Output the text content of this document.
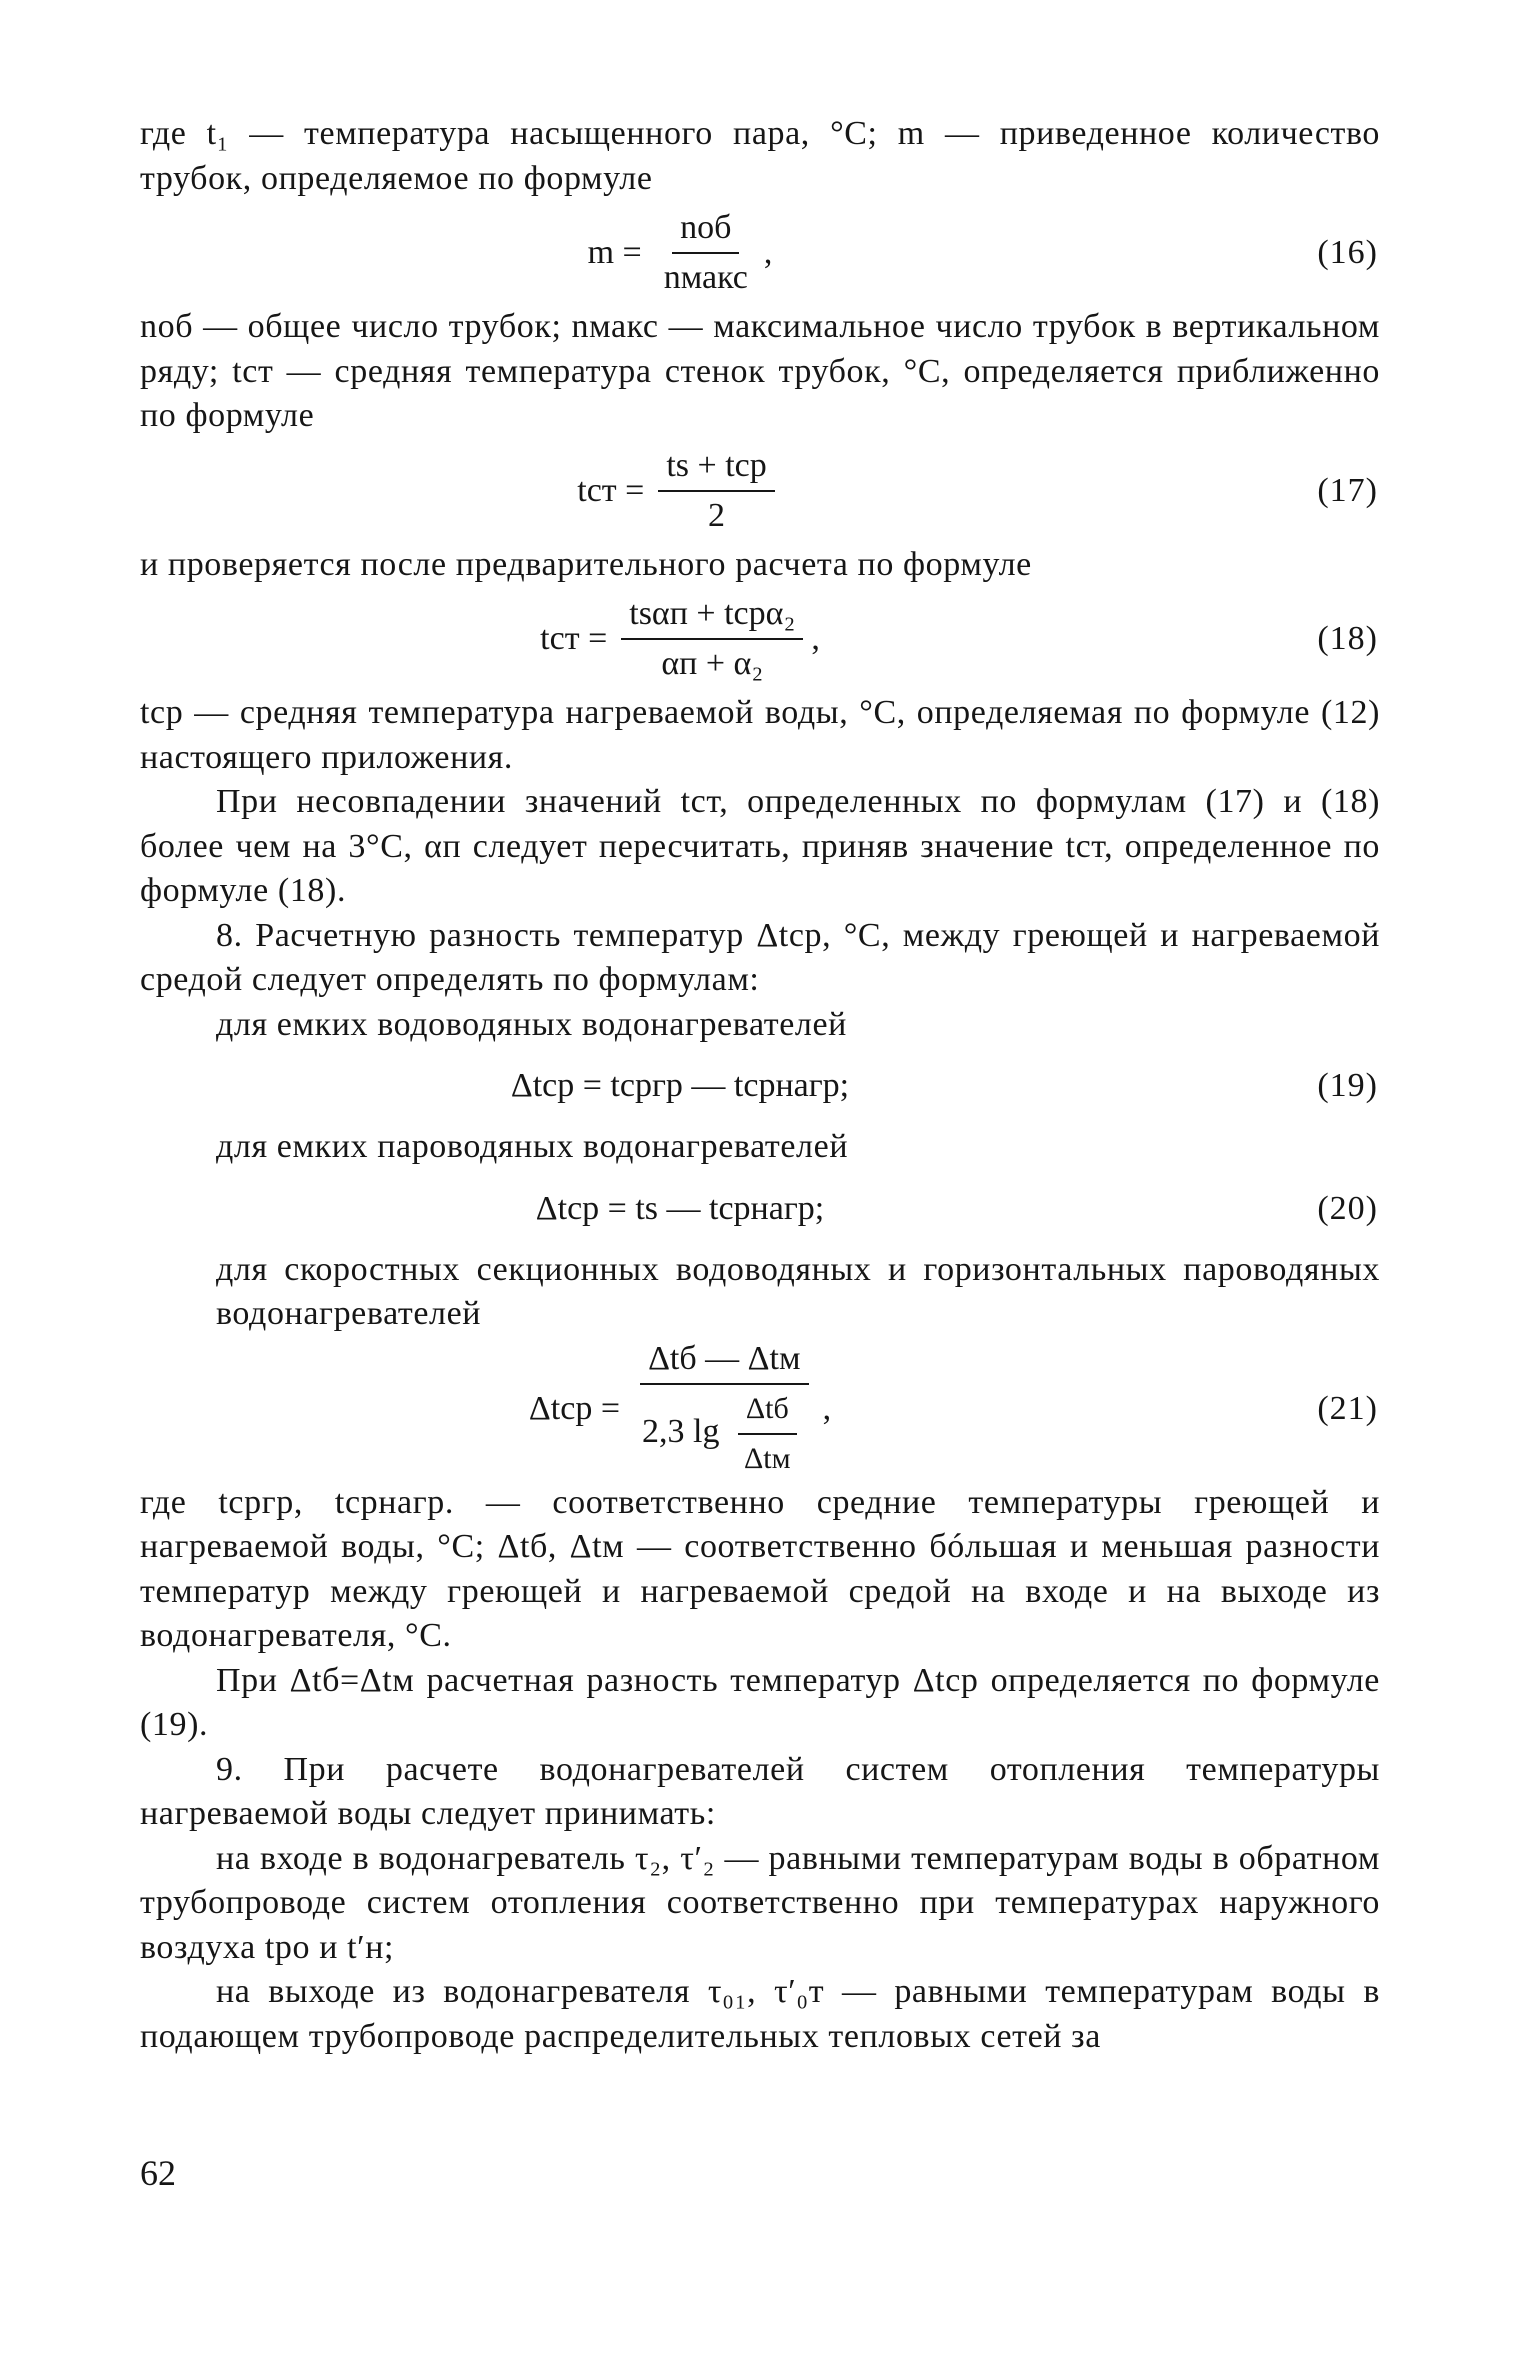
где t₁ — температура насыщенного пара, °C; m — приведенное количество трубок, определяемое по формуле

$m = \frac{\text{nоб}}{\text{nмакс}}$ ,	(16)

nоб — общее число трубок; nмакс — максимальное число трубок в вертикальном ряду; tст — средняя температура стенок трубок, °C, определяется приближенно по формуле

tст = $\frac{\text{ts + tср}}{2}$	(17)

и проверяется после предварительного расчета по формуле

tст = $\frac{\text{tsαп + tсрα₂}}{\text{αп + α₂}}$ ,	(18)

tср — средняя температура нагреваемой воды, °C, определяемая по формуле (12) настоящего приложения.

При несовпадении значений tст, определенных по формулам (17) и (18) более чем на 3°C, αп следует пересчитать, приняв значение tст, определенное по формуле (18).

8. Расчетную разность температур Δtср, °C, между греющей и нагреваемой средой следует определять по формулам:

для емких водоводяных водонагревателей

Δtср = tсргр — tсрнагр;	(19)

для емких пароводяных водонагревателей

Δtср = ts — tсрнагр;	(20)

для скоростных секционных водоводяных и горизонтальных пароводяных водонагревателей

$\Delta tср = \frac{\text{Δtб — Δtм}}{2,3 \lg \frac{\text{Δtб}}{\text{Δtм}}}$ ,	(21)

где tсргр, tсрнагр. — соответственно средние температуры греющей и нагреваемой воды, °C; Δtб, Δtм — соответственно бóльшая и меньшая разности температур между греющей и нагреваемой средой на входе и на выходе из водонагревателя, °C.

При Δtб=Δtм расчетная разность температур Δtср определяется по формуле (19).

9. При расчете водонагревателей систем отопления температуры нагреваемой воды следует принимать:

на входе в водонагреватель τ₂, τ′₂ — равными температурам воды в обратном трубопроводе систем отопления соответственно при температурах наружного воздуха tро и t′н;

на выходе из водонагревателя τ₀₁, τ′₀т — равными температурам воды в подающем трубопроводе распределительных тепловых сетей за

62
